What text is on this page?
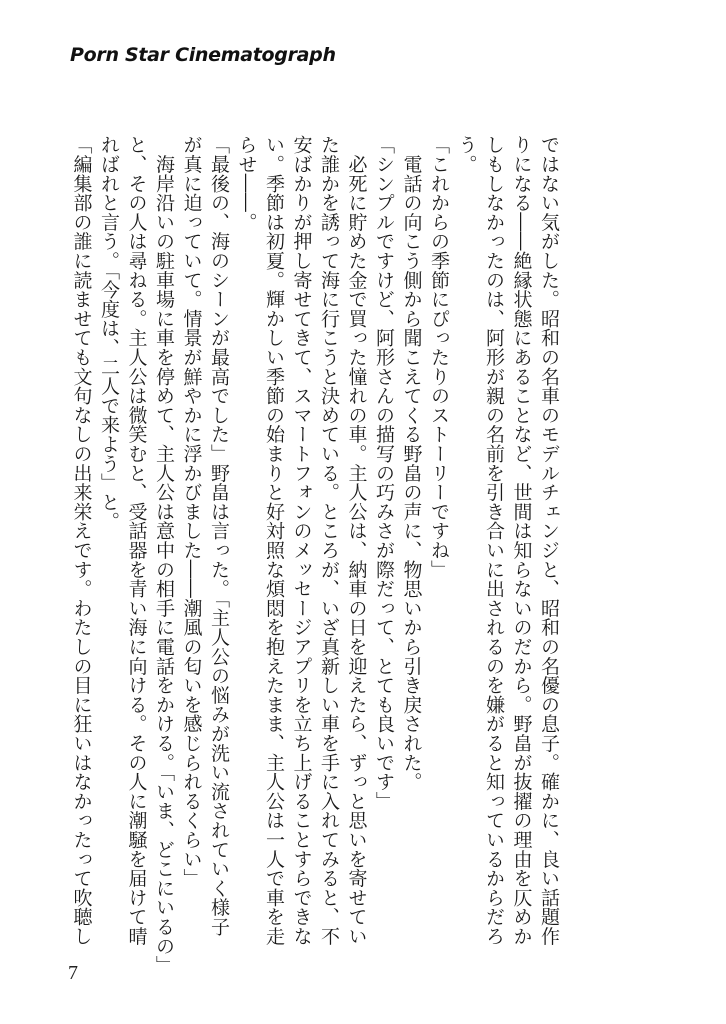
Porn Star Cinematograph
ではない気がした。昭和の名車のモデルチェンジと、昭和の名優の息子。確かに、良い話題作
りになる――絶縁状態にあることなど、世間は知らないのだから。野畠が抜擢の理由を仄めか
しもしなかったのは、阿形が親の名前を引き合いに出されるのを嫌がると知っているからだろ
う。
「これからの季節にぴったりのストーリーですね」
　電話の向こう側から聞こえてくる野畠の声に、物思いから引き戻された。
「シンプルですけど、阿形さんの描写の巧みさが際だって、とても良いです」
　必死に貯めた金で買った憧れの車。主人公は、納車の日を迎えたら、ずっと思いを寄せてい
た誰かを誘って海に行こうと決めている。ところが、いざ真新しい車を手に入れてみると、不
安ばかりが押し寄せてきて、スマートフォンのメッセージアプリを立ち上げることすらできな
い。季節は初夏。輝かしい季節の始まりと好対照な煩悶を抱えたまま、主人公は一人で車を走
らせ――。
「最後の、海のシーンが最高でした」野畠は言った。「主人公の悩みが洗い流されていく様子
が真に迫っていて。情景が鮮やかに浮かびました――潮風の匂いを感じられるくらい」
　海岸沿いの駐車場に車を停めて、主人公は意中の相手に電話をかける。「いま、どこにいるの」
と、その人は尋ねる。主人公は微笑むと、受話器を青い海に向ける。その人に潮騒を届けて晴
ればれと言う。「今度は、二人で来よう」と。
「編集部の誰に読ませても文句なしの出来栄えです。わたしの目に狂いはなかったって吹聴し
7
